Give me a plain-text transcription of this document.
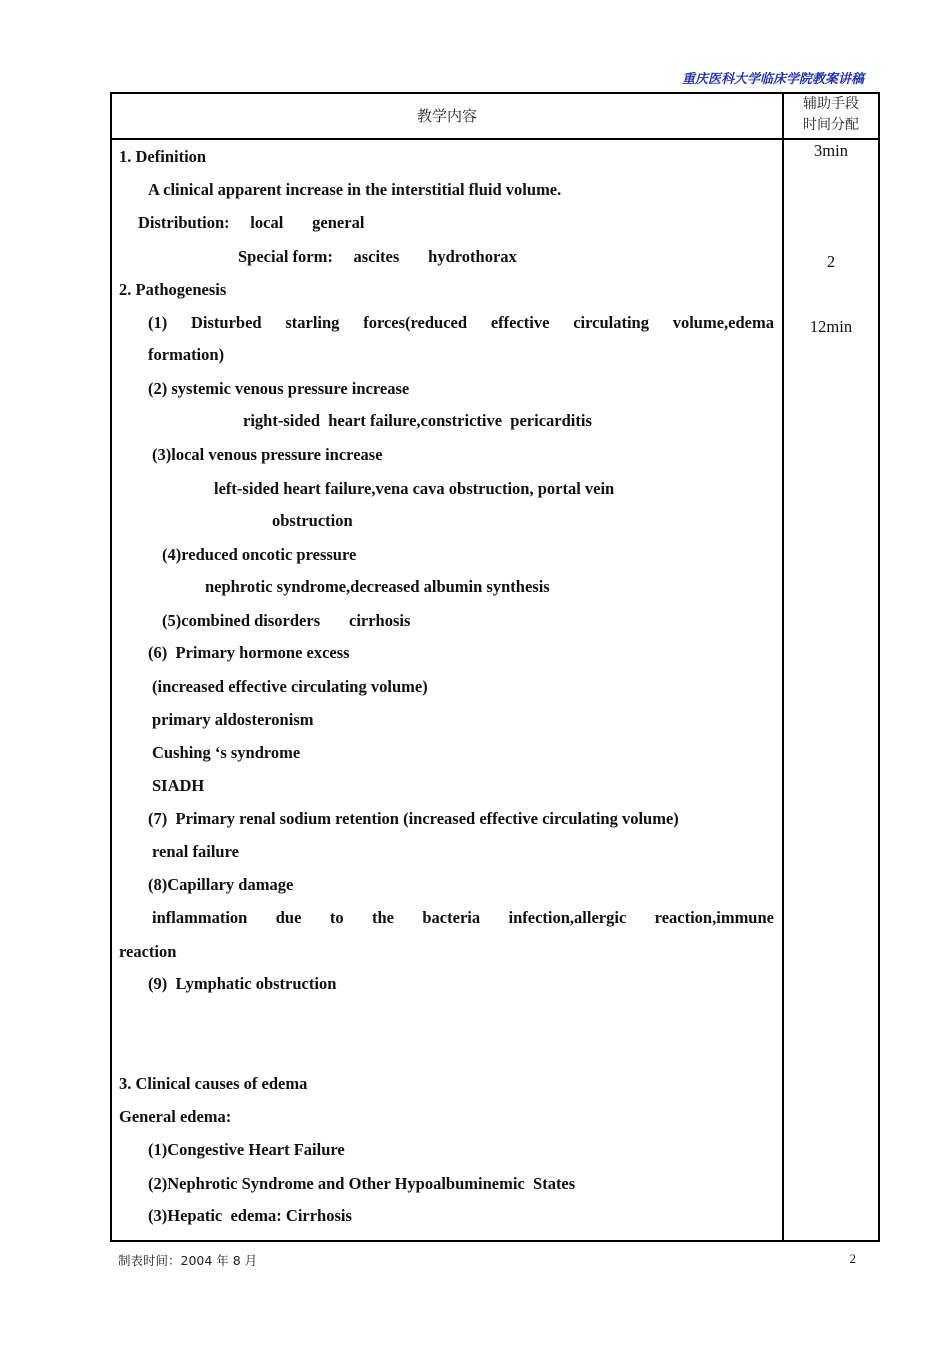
重庆医科大学临床学院教案讲稿
教学内容
辅助手段
时间分配
1. Definition
A clinical apparent increase in the interstitial fluid volume.
Distribution:     local       general
Special form:     ascites       hydrothorax
2. Pathogenesis
(1) Disturbed starling forces(reduced effective circulating volume,edema
formation)
(2) systemic venous pressure increase
right-sided  heart failure,constrictive  pericarditis
(3)local venous pressure increase
left-sided heart failure,vena cava obstruction, portal vein
obstruction
(4)reduced oncotic pressure
nephrotic syndrome,decreased albumin synthesis
(5)combined disorders       cirrhosis
(6)  Primary hormone excess
(increased effective circulating volume)
primary aldosteronism
Cushing ‘s syndrome
SIADH
(7)  Primary renal sodium retention (increased effective circulating volume)
renal failure
(8)Capillary damage
inflammation due to the bacteria infection,allergic reaction,immune
reaction
(9)  Lymphatic obstruction
3. Clinical causes of edema
General edema:
(1)Congestive Heart Failure
(2)Nephrotic Syndrome and Other Hypoalbuminemic  States
(3)Hepatic  edema: Cirrhosis
3min
2
12min
制表时间：2004 年 8 月	2
